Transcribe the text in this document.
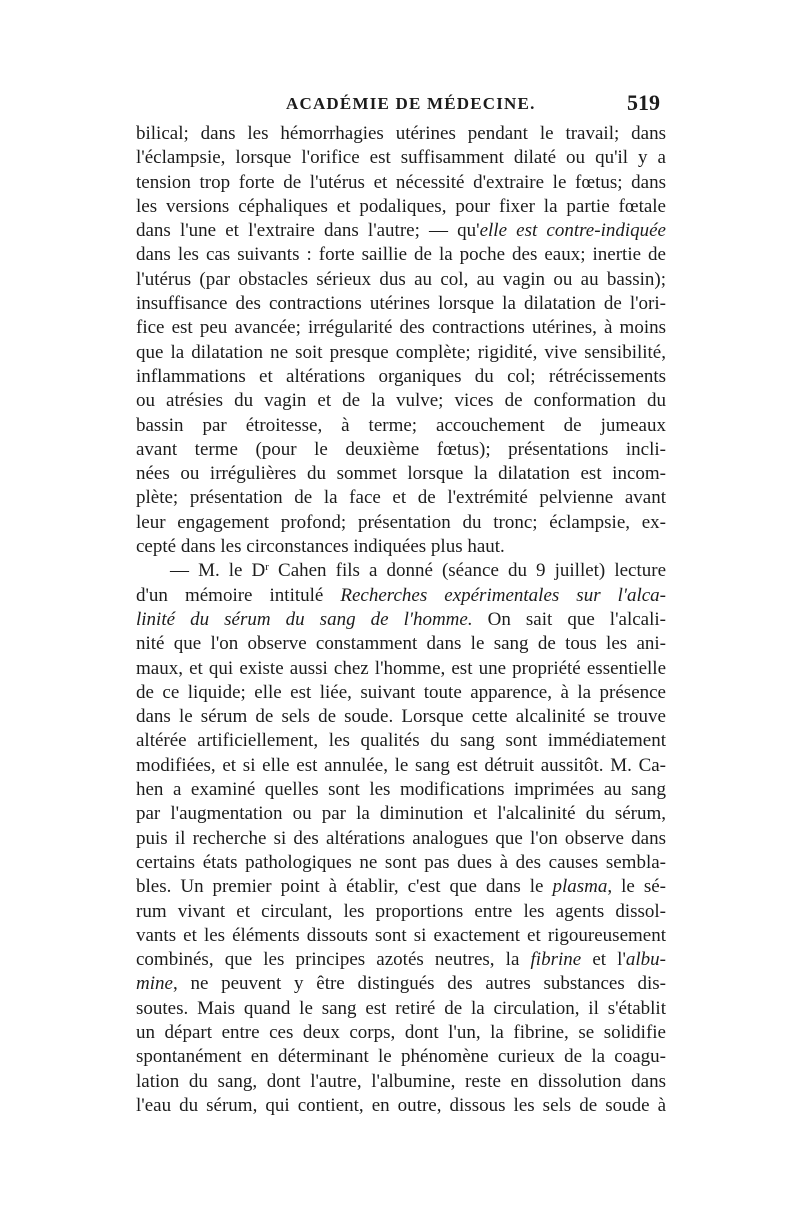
ACADÉMIE DE MÉDECINE.	519
bilical; dans les hémorrhagies utérines pendant le travail; dans
l'éclampsie, lorsque l'orifice est suffisamment dilaté ou qu'il y a
tension trop forte de l'utérus et nécessité d'extraire le fœtus; dans
les versions céphaliques et podaliques, pour fixer la partie fœtale
dans l'une et l'extraire dans l'autre; — qu'elle est contre-indiquée
dans les cas suivants : forte saillie de la poche des eaux; inertie de
l'utérus (par obstacles sérieux dus au col, au vagin ou au bassin);
insuffisance des contractions utérines lorsque la dilatation de l'ori-
fice est peu avancée; irrégularité des contractions utérines, à moins
que la dilatation ne soit presque complète; rigidité, vive sensibilité,
inflammations et altérations organiques du col; rétrécissements
ou atrésies du vagin et de la vulve; vices de conformation du
bassin par étroitesse, à terme; accouchement de jumeaux
avant terme (pour le deuxième fœtus); présentations incli-
nées ou irrégulières du sommet lorsque la dilatation est incom-
plète; présentation de la face et de l'extrémité pelvienne avant
leur engagement profond; présentation du tronc; éclampsie, ex-
cepté dans les circonstances indiquées plus haut.
— M. le $D^r$ Cahen fils a donné (séance du 9 juillet) lecture
d'un mémoire intitulé Recherches expérimentales sur l'alca-
linité du sérum du sang de l'homme. On sait que l'alcali-
nité que l'on observe constamment dans le sang de tous les ani-
maux, et qui existe aussi chez l'homme, est une propriété essentielle
de ce liquide; elle est liée, suivant toute apparence, à la présence
dans le sérum de sels de soude. Lorsque cette alcalinité se trouve
altérée artificiellement, les qualités du sang sont immédiatement
modifiées, et si elle est annulée, le sang est détruit aussitôt. M. Ca-
hen a examiné quelles sont les modifications imprimées au sang
par l'augmentation ou par la diminution et l'alcalinité du sérum,
puis il recherche si des altérations analogues que l'on observe dans
certains états pathologiques ne sont pas dues à des causes sembla-
bles. Un premier point à établir, c'est que dans le plasma, le sé-
rum vivant et circulant, les proportions entre les agents dissol-
vants et les éléments dissouts sont si exactement et rigoureusement
combinés, que les principes azotés neutres, la fibrine et l'albu-
mine, ne peuvent y être distingués des autres substances dis-
soutes. Mais quand le sang est retiré de la circulation, il s'établit
un départ entre ces deux corps, dont l'un, la fibrine, se solidifie
spontanément en déterminant le phénomène curieux de la coagu-
lation du sang, dont l'autre, l'albumine, reste en dissolution dans
l'eau du sérum, qui contient, en outre, dissous les sels de soude à
